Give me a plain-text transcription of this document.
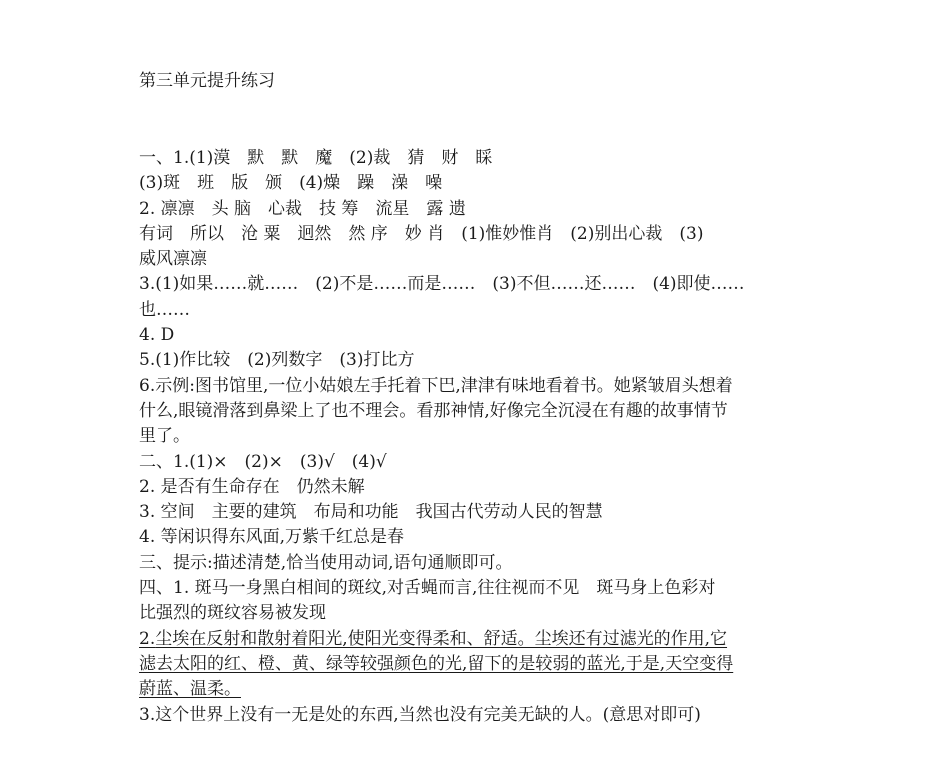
第三单元提升练习
一、1.(1)漠　默　默　魔　(2)裁　猜　财　睬
(3)斑　班　版　颁　(4)燥　躁　澡　噪
2. 凛凛　头 脑　心裁　技 筹　流星　露 遗
有词　所以　沧 粟　迥然　然 序　妙 肖　(1)惟妙惟肖　(2)别出心裁　(3)
威风凛凛
3.(1)如果……就……　(2)不是……而是……　(3)不但……还……　(4)即使……
也……
4. D
5.(1)作比较　(2)列数字　(3)打比方
6.示例:图书馆里,一位小姑娘左手托着下巴,津津有味地看着书。她紧皱眉头想着
什么,眼镜滑落到鼻梁上了也不理会。看那神情,好像完全沉浸在有趣的故事情节
里了。
二、1.(1)×　(2)×　(3)√　(4)√
2. 是否有生命存在　仍然未解
3. 空间　主要的建筑　布局和功能　我国古代劳动人民的智慧
4. 等闲识得东风面,万紫千红总是春
三、提示:描述清楚,恰当使用动词,语句通顺即可。
四、1. 斑马一身黑白相间的斑纹,对舌蝇而言,往往视而不见　斑马身上色彩对
比强烈的斑纹容易被发现
2.尘埃在反射和散射着阳光,使阳光变得柔和、舒适。尘埃还有过滤光的作用,它
滤去太阳的红、橙、黄、绿等较强颜色的光,留下的是较弱的蓝光,于是,天空变得
蔚蓝、温柔。
3.这个世界上没有一无是处的东西,当然也没有完美无缺的人。(意思对即可)
